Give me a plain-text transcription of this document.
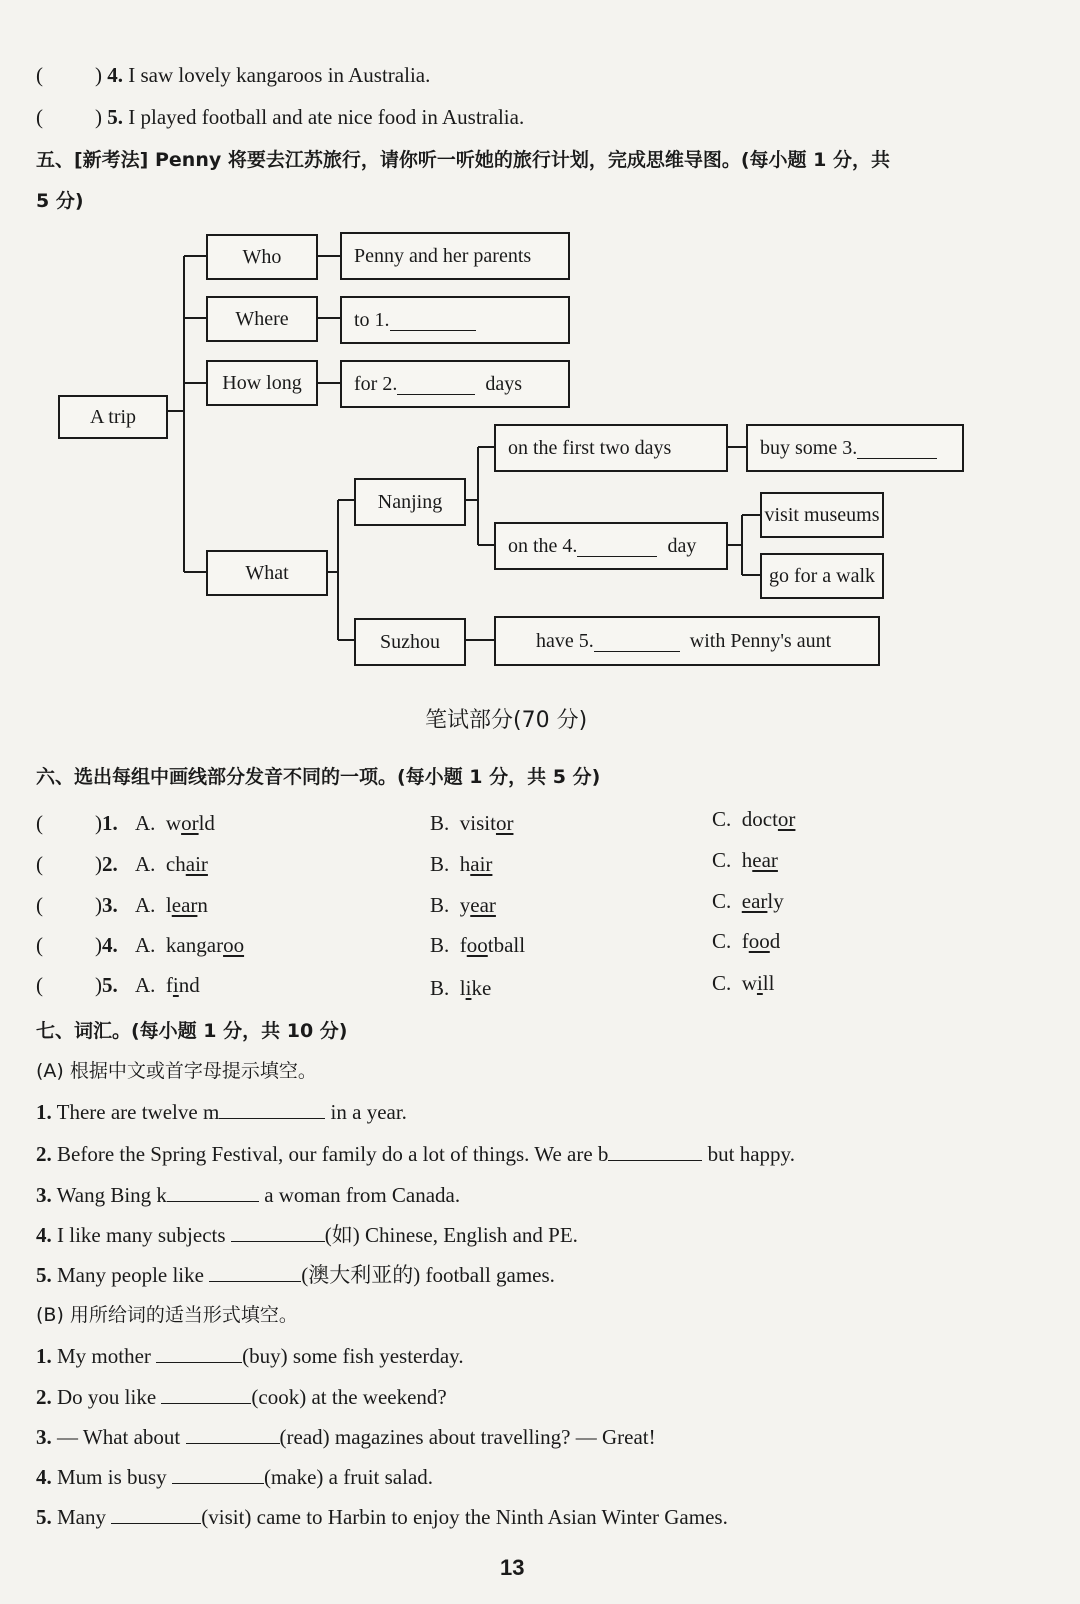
( ) 4. I saw lovely kangaroos in Australia.
( ) 5. I played football and ate nice food in Australia.
五、[新考法] Penny 将要去江苏旅行，请你听一听她的旅行计划，完成思维导图。(每小题 1 分，共
5 分)
A trip
Who	Penny and her parents
Where	to 1.
How long	for 2.
	days
What
Nanjing
on the first two days	buy some 3.
on the 4.
	day
visit museums
go for a walk
Suzhou	have 5.
	with Penny's aunt
笔试部分(70 分)
六、选出每组中画线部分发音不同的一项。(每小题 1 分，共 5 分)
( )1. A. world	B. visitor	C. doctor
( )2. A. chair	B. hair	C. hear
( )3. A. learn	B. year	C. early
( )4. A. kangaroo	B. football	C. food
( )5. A. find	B. like	C. will
七、词汇。(每小题 1 分，共 10 分)
(A) 根据中文或首字母提示填空。
1. There are twelve m	in a year.
2. Before the Spring Festival, our family do a lot of things. We are b	but happy.
3. Wang Bing k	a woman from Canada.
4. I like many subjects	(如) Chinese, English and PE.
5. Many people like	(澳大利亚的) football games.
(B) 用所给词的适当形式填空。
1. My mother	(buy) some fish yesterday.
2. Do you like	(cook) at the weekend?
3. — What about	(read) magazines about travelling? — Great!
4. Mum is busy	(make) a fruit salad.
5. Many	(visit) came to Harbin to enjoy the Ninth Asian Winter Games.
13
